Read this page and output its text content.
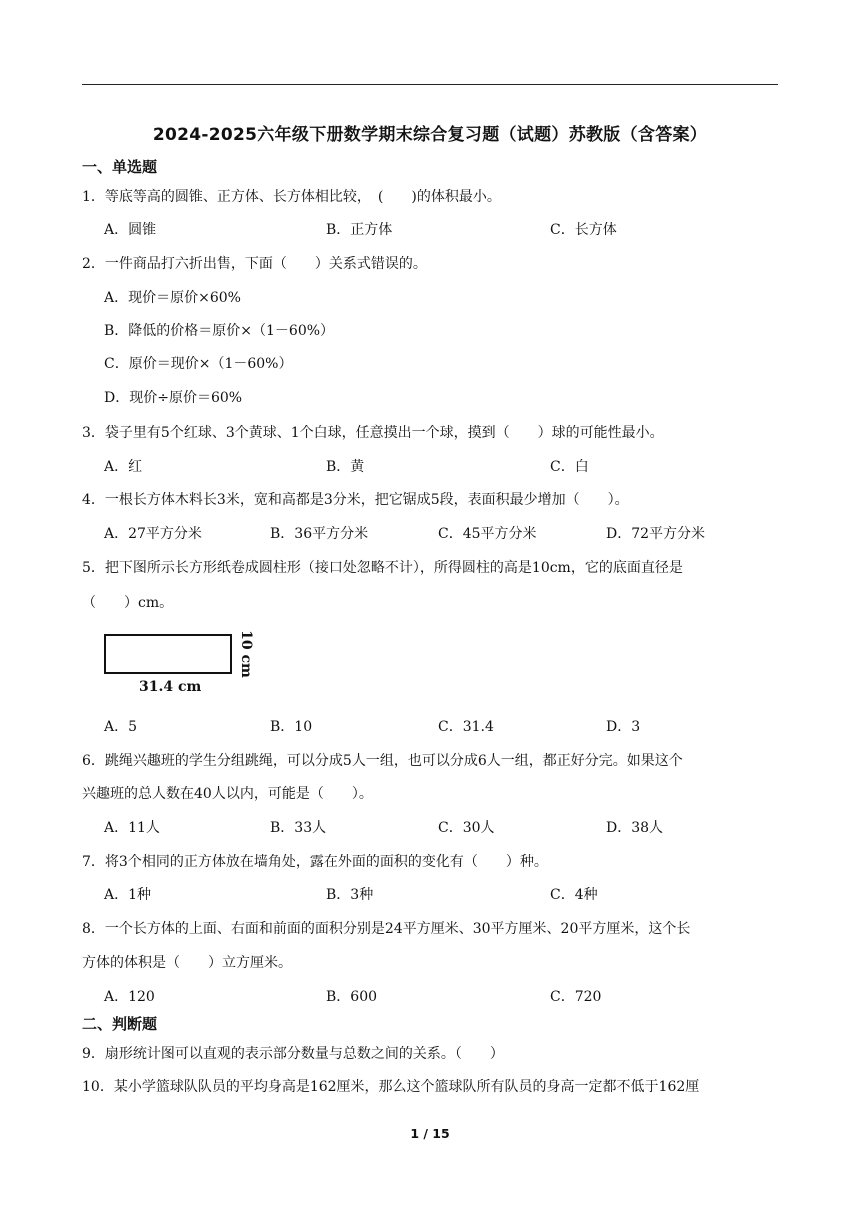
2024-2025六年级下册数学期末综合复习题（试题）苏教版（含答案）
一、单选题
1．等底等高的圆锥、正方体、长方体相比较，　(　　)的体积最小。
A．圆锥	B．正方体	C．长方体
2．一件商品打六折出售，下面（　　）关系式错误的。
A．现价＝原价×60%
B．降低的价格＝原价×（1－60%）
C．原价＝现价×（1－60%）
D．现价÷原价＝60%
3．袋子里有5个红球、3个黄球、1个白球，任意摸出一个球，摸到（　　）球的可能性最小。
A．红	B．黄	C．白
4．一根长方体木料长3米，宽和高都是3分米，把它锯成5段，表面积最少增加（　　）。
A．27平方分米	B．36平方分米	C．45平方分米	D．72平方分米
5．把下图所示长方形纸卷成圆柱形（接口处忽略不计），所得圆柱的高是10cm，它的底面直径是
（　　）cm。
31.4 cm
10 cm
A．5	B．10	C．31.4	D．3
6．跳绳兴趣班的学生分组跳绳，可以分成5人一组，也可以分成6人一组，都正好分完。如果这个
兴趣班的总人数在40人以内，可能是（　　）。
A．11人	B．33人	C．30人	D．38人
7．将3个相同的正方体放在墙角处，露在外面的面积的变化有（　　）种。
A．1种	B．3种	C．4种
8．一个长方体的上面、右面和前面的面积分别是24平方厘米、30平方厘米、20平方厘米，这个长
方体的体积是（　　）立方厘米。
A．120	B．600	C．720
二、判断题
9．扇形统计图可以直观的表示部分数量与总数之间的关系。（　　）
10．某小学篮球队队员的平均身高是162厘米，那么这个篮球队所有队员的身高一定都不低于162厘
1 / 15
